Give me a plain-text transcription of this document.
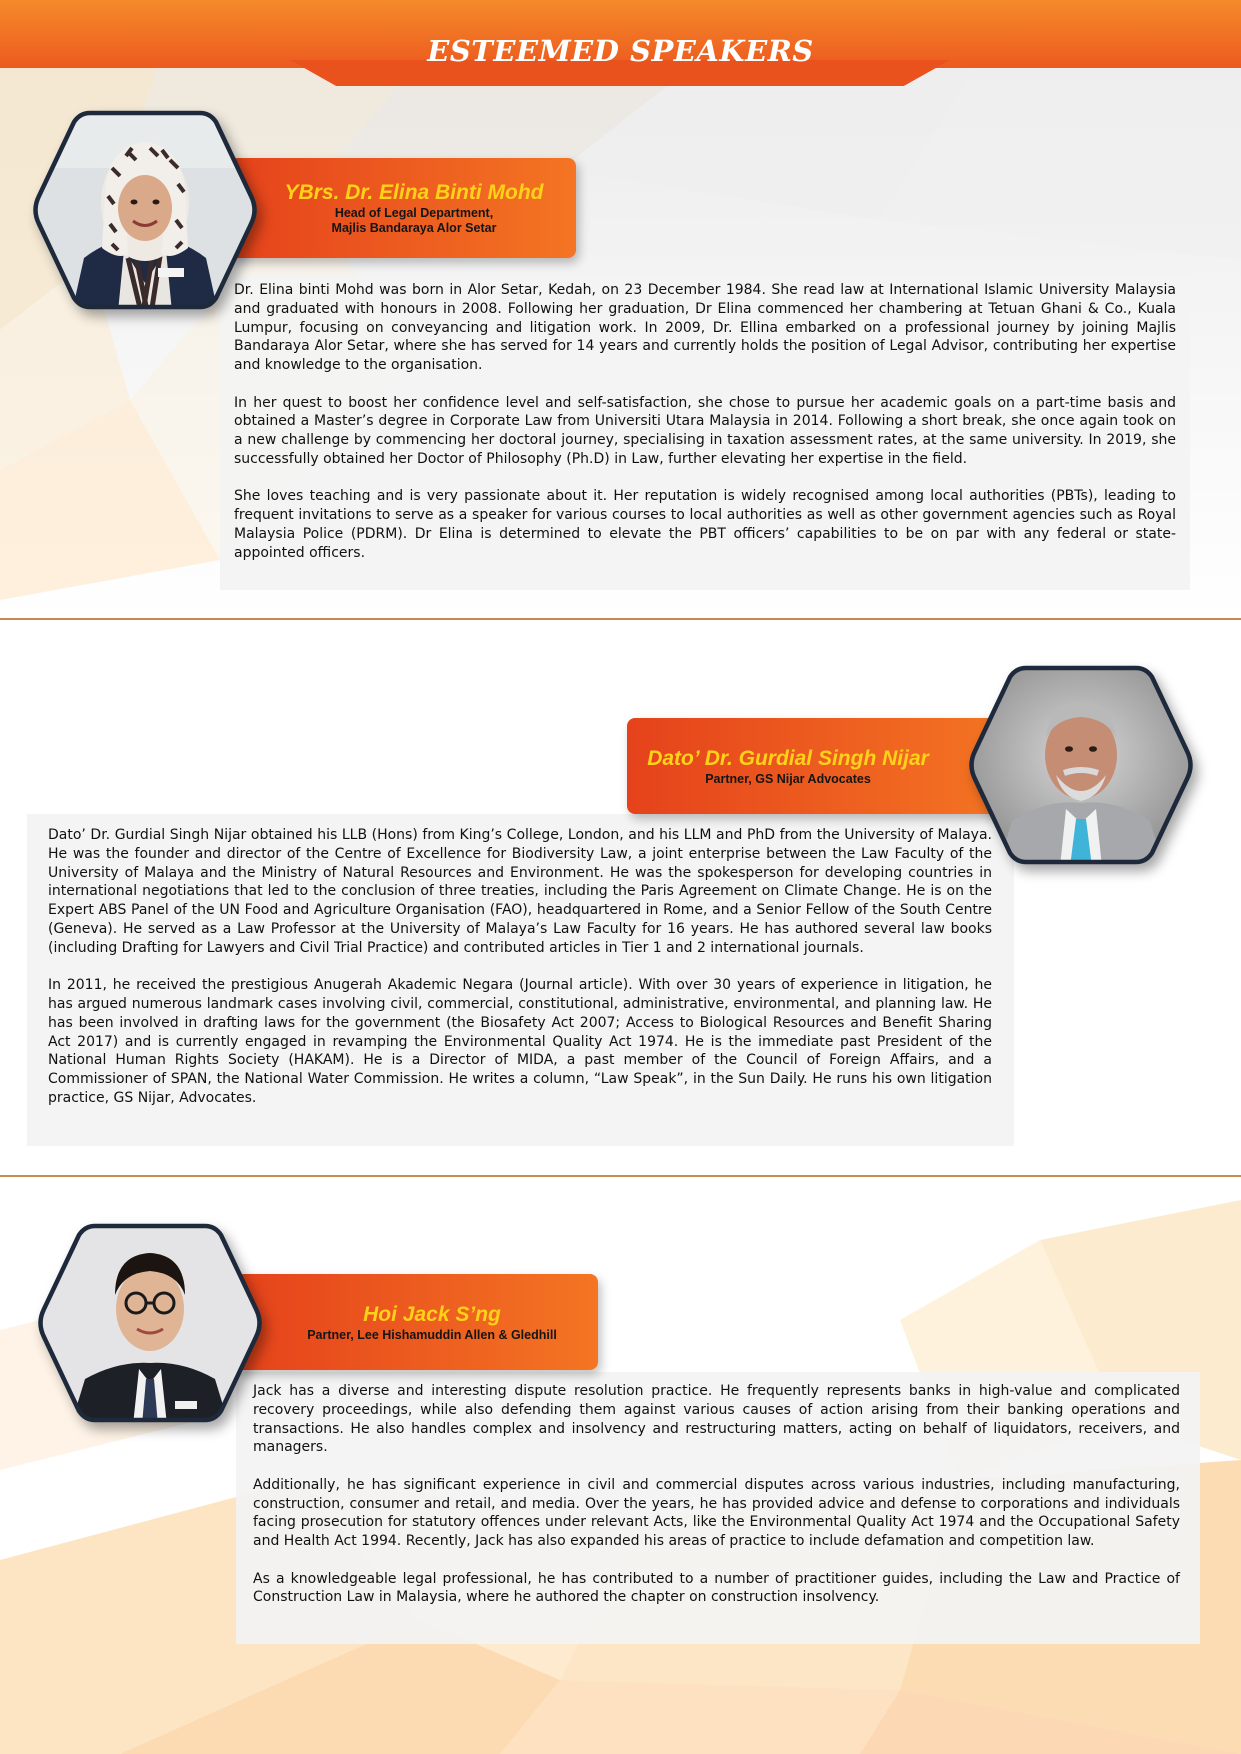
ESTEEMED SPEAKERS
YBrs. Dr. Elina Binti Mohd
Head of Legal Department,
Majlis Bandaraya Alor Setar

Dr. Elina binti Mohd was born in Alor Setar, Kedah, on 23 December 1984. She read law at International Islamic University Malaysia and graduated with honours in 2008. Following her graduation, Dr Elina commenced her chambering at Tetuan Ghani & Co., Kuala Lumpur, focusing on conveyancing and litigation work. In 2009, Dr. Ellina embarked on a professional journey by joining Majlis Bandaraya Alor Setar, where she has served for 14 years and currently holds the position of Legal Advisor, contributing her expertise and knowledge to the organisation.

In her quest to boost her confidence level and self-satisfaction, she chose to pursue her academic goals on a part-time basis and obtained a Master’s degree in Corporate Law from Universiti Utara Malaysia in 2014. Following a short break, she once again took on a new challenge by commencing her doctoral journey, specialising in taxation assessment rates, at the same university. In 2019, she successfully obtained her Doctor of Philosophy (Ph.D) in Law, further elevating her expertise in the field.

She loves teaching and is very passionate about it. Her reputation is widely recognised among local authorities (PBTs), leading to frequent invitations to serve as a speaker for various courses to local authorities as well as other government agencies such as Royal Malaysia Police (PDRM). Dr Elina is determined to elevate the PBT officers’ capabilities to be on par with any federal or state-appointed officers.

Dato’ Dr. Gurdial Singh Nijar
Partner, GS Nijar Advocates

Dato’ Dr. Gurdial Singh Nijar obtained his LLB (Hons) from King’s College, London, and his LLM and PhD from the University of Malaya. He was the founder and director of the Centre of Excellence for Biodiversity Law, a joint enterprise between the Law Faculty of the University of Malaya and the Ministry of Natural Resources and Environment. He was the spokesperson for developing countries in international negotiations that led to the conclusion of three treaties, including the Paris Agreement on Climate Change. He is on the Expert ABS Panel of the UN Food and Agriculture Organisation (FAO), headquartered in Rome, and a Senior Fellow of the South Centre (Geneva). He served as a Law Professor at the University of Malaya’s Law Faculty for 16 years. He has authored several law books (including Drafting for Lawyers and Civil Trial Practice) and contributed articles in Tier 1 and 2 international journals.

In 2011, he received the prestigious Anugerah Akademic Negara (Journal article). With over 30 years of experience in litigation, he has argued numerous landmark cases involving civil, commercial, constitutional, administrative, environmental, and planning law. He has been involved in drafting laws for the government (the Biosafety Act 2007; Access to Biological Resources and Benefit Sharing Act 2017) and is currently engaged in revamping the Environmental Quality Act 1974. He is the immediate past President of the National Human Rights Society (HAKAM). He is a Director of MIDA, a past member of the Council of Foreign Affairs, and a Commissioner of SPAN, the National Water Commission. He writes a column, “Law Speak”, in the Sun Daily. He runs his own litigation practice, GS Nijar, Advocates.

Hoi Jack S’ng
Partner, Lee Hishamuddin Allen & Gledhill

Jack has a diverse and interesting dispute resolution practice. He frequently represents banks in high-value and complicated recovery proceedings, while also defending them against various causes of action arising from their banking operations and transactions. He also handles complex and insolvency and restructuring matters, acting on behalf of liquidators, receivers, and managers.

Additionally, he has significant experience in civil and commercial disputes across various industries, including manufacturing, construction, consumer and retail, and media. Over the years, he has provided advice and defense to corporations and individuals facing prosecution for statutory offences under relevant Acts, like the Environmental Quality Act 1974 and the Occupational Safety and Health Act 1994. Recently, Jack has also expanded his areas of practice to include defamation and competition law.

As a knowledgeable legal professional, he has contributed to a number of practitioner guides, including the Law and Practice of Construction Law in Malaysia, where he authored the chapter on construction insolvency.
